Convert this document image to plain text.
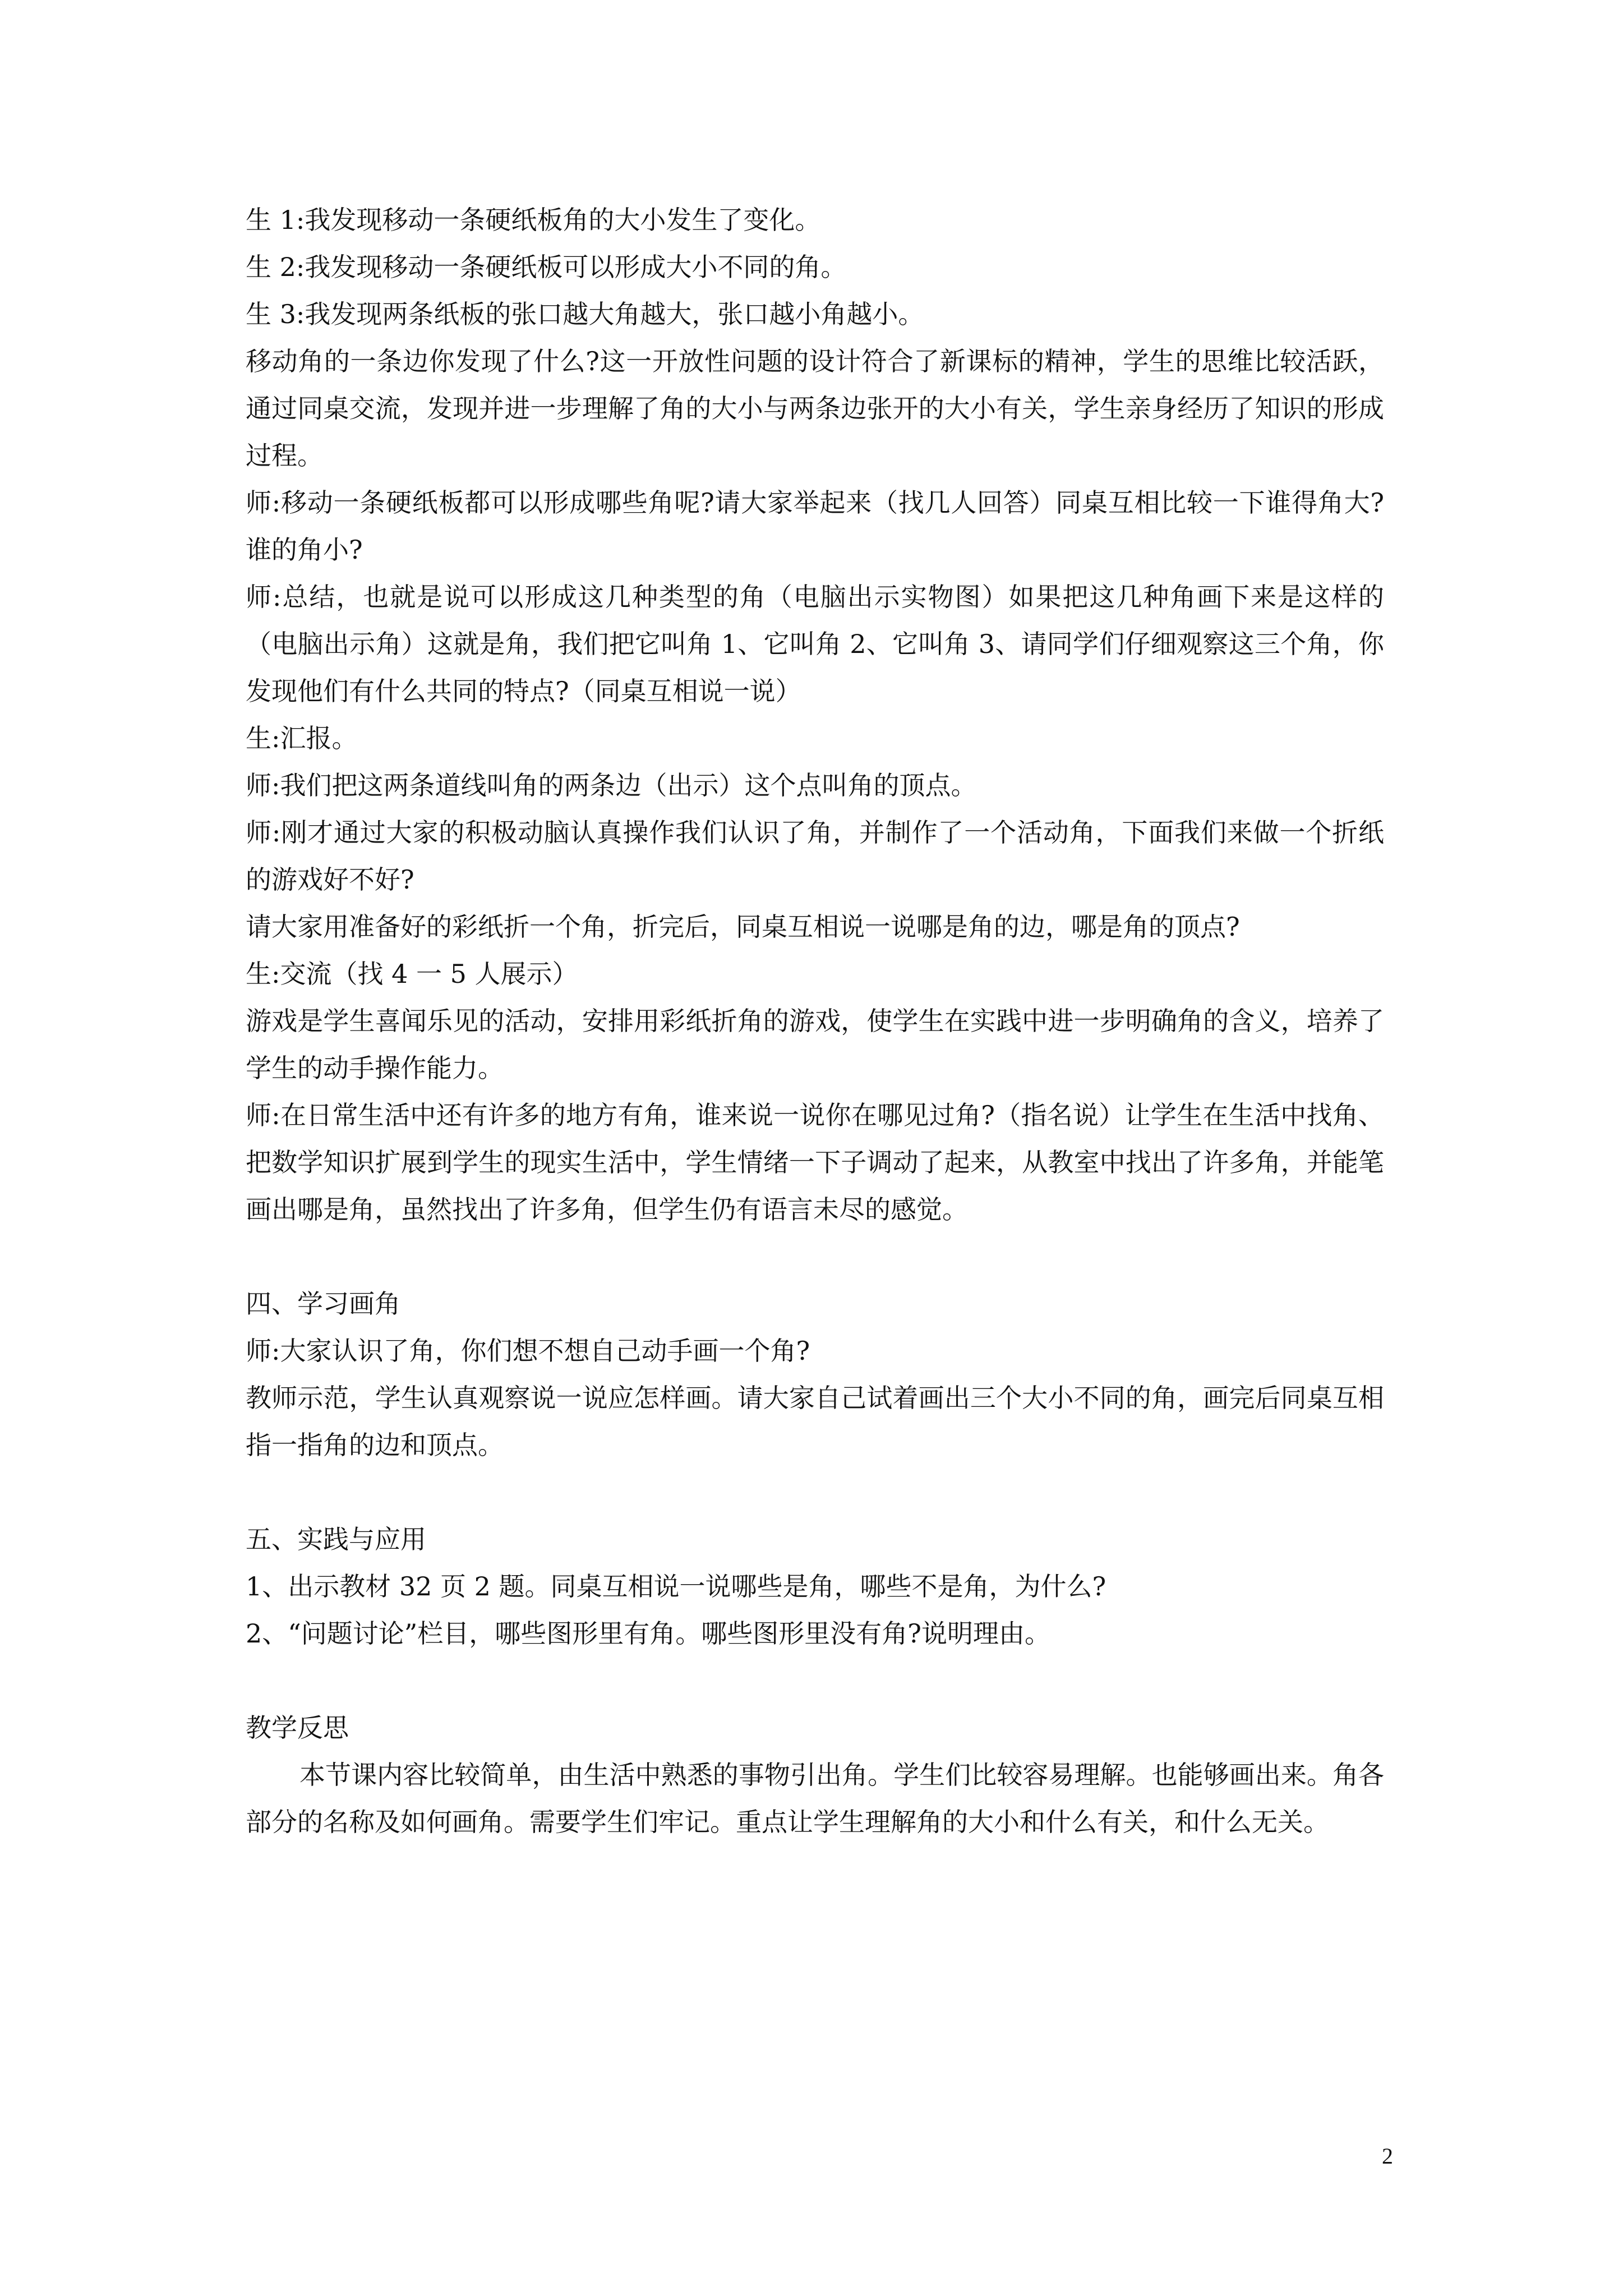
生 1:我发现移动一条硬纸板角的大小发生了变化。

生 2:我发现移动一条硬纸板可以形成大小不同的角。

生 3:我发现两条纸板的张口越大角越大，张口越小角越小。

移动角的一条边你发现了什么?这一开放性问题的设计符合了新课标的精神，学生的思维比较活跃，通过同桌交流，发现并进一步理解了角的大小与两条边张开的大小有关，学生亲身经历了知识的形成过程。

师:移动一条硬纸板都可以形成哪些角呢?请大家举起来（找几人回答）同桌互相比较一下谁得角大?谁的角小?

师:总结，也就是说可以形成这几种类型的角（电脑出示实物图）如果把这几种角画下来是这样的（电脑出示角）这就是角，我们把它叫角 1、它叫角 2、它叫角 3、请同学们仔细观察这三个角，你发现他们有什么共同的特点?（同桌互相说一说）

生:汇报。

师:我们把这两条道线叫角的两条边（出示）这个点叫角的顶点。

师:刚才通过大家的积极动脑认真操作我们认识了角，并制作了一个活动角，下面我们来做一个折纸的游戏好不好?

请大家用准备好的彩纸折一个角，折完后，同桌互相说一说哪是角的边，哪是角的顶点?

生:交流（找 4 一 5 人展示）

游戏是学生喜闻乐见的活动，安排用彩纸折角的游戏，使学生在实践中进一步明确角的含义，培养了学生的动手操作能力。

师:在日常生活中还有许多的地方有角，谁来说一说你在哪见过角?（指名说）让学生在生活中找角、把数学知识扩展到学生的现实生活中，学生情绪一下子调动了起来，从教室中找出了许多角，并能笔画出哪是角，虽然找出了许多角，但学生仍有语言未尽的感觉。

四、学习画角

师:大家认识了角，你们想不想自己动手画一个角?

教师示范，学生认真观察说一说应怎样画。请大家自己试着画出三个大小不同的角，画完后同桌互相指一指角的边和顶点。

五、实践与应用

1、出示教材 32 页 2 题。同桌互相说一说哪些是角，哪些不是角，为什么?

2、“问题讨论”栏目，哪些图形里有角。哪些图形里没有角?说明理由。

教学反思

本节课内容比较简单，由生活中熟悉的事物引出角。学生们比较容易理解。也能够画出来。角各部分的名称及如何画角。需要学生们牢记。重点让学生理解角的大小和什么有关，和什么无关。

2
